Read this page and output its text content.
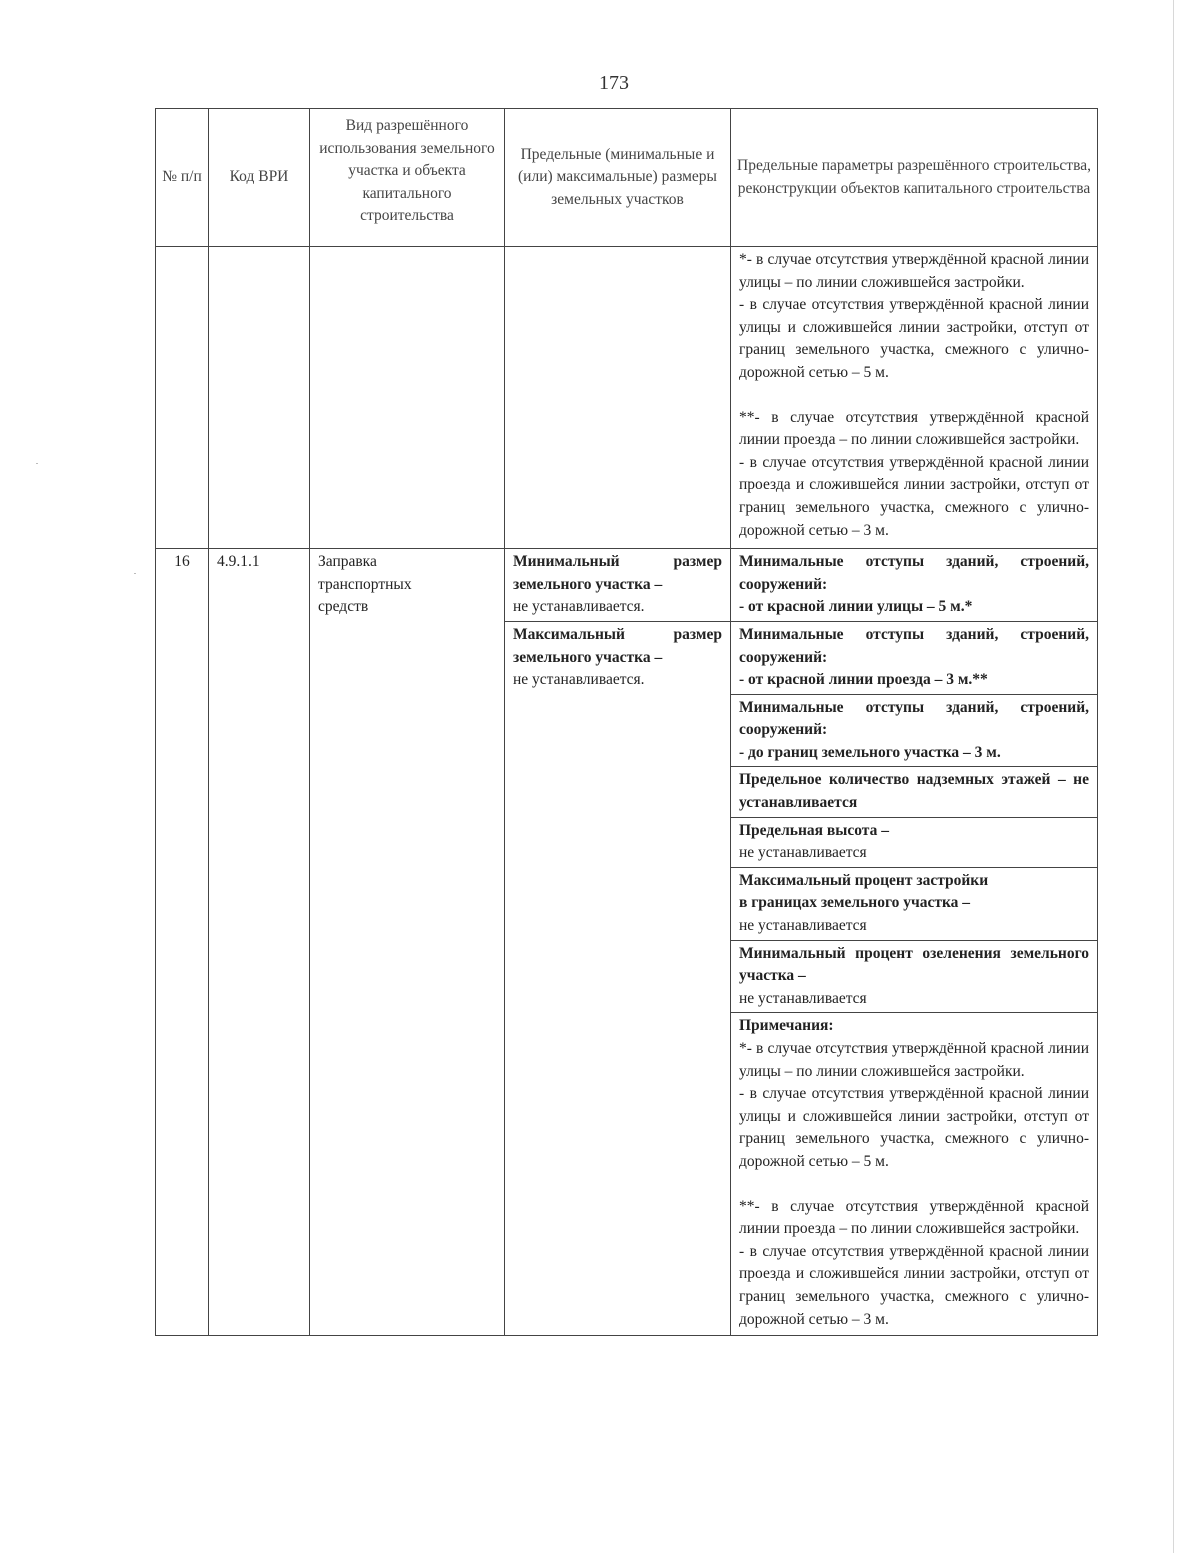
173
№ п/п	Код ВРИ	Вид разрешённого использования земельного участка и объекта капитального строительства	Предельные (минимальные и (или) максимальные) размеры земельных участков	Предельные параметры разрешённого строительства, реконструкции объектов капитального строительства

				*- в случае отсутствия утверждённой красной линии улицы – по линии сложившейся застройки.
- в случае отсутствия утверждённой красной линии улицы и сложившейся линии застройки, отступ от границ земельного участка, смежного с улично-дорожной сетью – 5 м.
**- в случае отсутствия утверждённой красной линии проезда – по линии сложившейся застройки.
- в случае отсутствия утверждённой красной линии проезда и сложившейся линии застройки, отступ от границ земельного участка, смежного с улично-дорожной сетью – 3 м.

16	4.9.1.1	Заправка транспортных средств	Минимальный размер земельного участка –
не устанавливается.	Минимальные отступы зданий, строений, сооружений:
- от красной линии улицы – 5 м.*

			Максимальный размер земельного участка –
не устанавливается.	Минимальные отступы зданий, строений, сооружений:
- от красной линии проезда – 3 м.**

				Минимальные отступы зданий, строений, сооружений:
- до границ земельного участка – 3 м.

				Предельное количество надземных этажей – не устанавливается

				Предельная высота –
не устанавливается

				Максимальный процент застройки
в границах земельного участка –
не устанавливается

				Минимальный процент озеленения земельного участка –
не устанавливается

				Примечания:
*- в случае отсутствия утверждённой красной линии улицы – по линии сложившейся застройки.
- в случае отсутствия утверждённой красной линии улицы и сложившейся линии застройки, отступ от границ земельного участка, смежного с улично-дорожной сетью – 5 м.
**- в случае отсутствия утверждённой красной линии проезда – по линии сложившейся застройки.
- в случае отсутствия утверждённой красной линии проезда и сложившейся линии застройки, отступ от границ земельного участка, смежного с улично-дорожной сетью – 3 м.
